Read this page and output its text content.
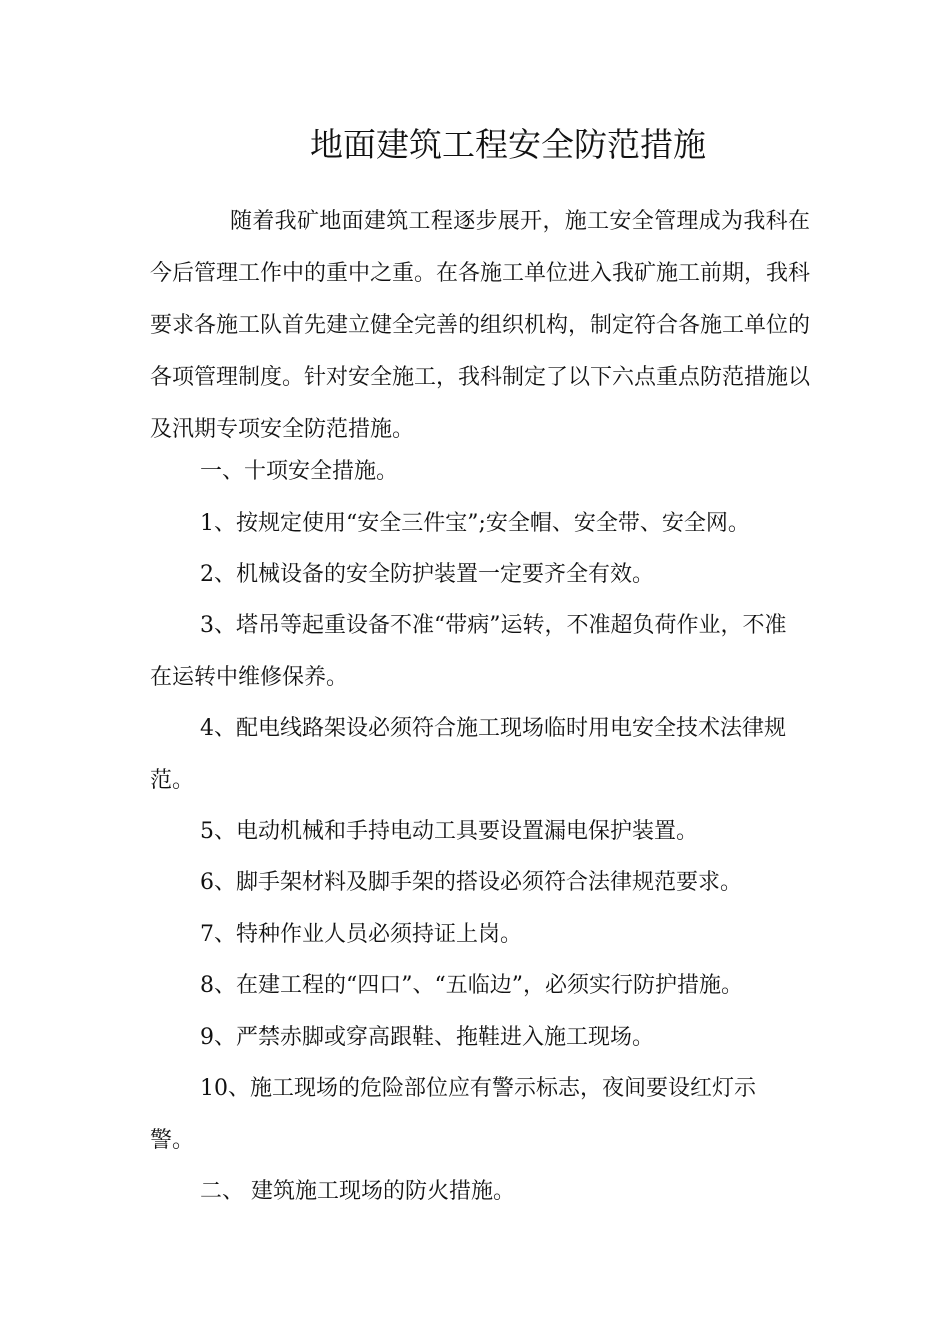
地面建筑工程安全防范措施

随着我矿地面建筑工程逐步展开，施工安全管理成为我科在今后管理工作中的重中之重。在各施工单位进入我矿施工前期，我科要求各施工队首先建立健全完善的组织机构，制定符合各施工单位的各项管理制度。针对安全施工，我科制定了以下六点重点防范措施以及汛期专项安全防范措施。

一、十项安全措施。

1、按规定使用“安全三件宝”;安全帽、安全带、安全网。

2、机械设备的安全防护装置一定要齐全有效。

3、塔吊等起重设备不准“带病”运转，不准超负荷作业，不准在运转中维修保养。

4、配电线路架设必须符合施工现场临时用电安全技术法律规范。

5、电动机械和手持电动工具要设置漏电保护装置。

6、脚手架材料及脚手架的搭设必须符合法律规范要求。

7、特种作业人员必须持证上岗。

8、在建工程的“四口”、“五临边”，必须实行防护措施。

9、严禁赤脚或穿高跟鞋、拖鞋进入施工现场。

10、施工现场的危险部位应有警示标志，夜间要设红灯示警。

二、 建筑施工现场的防火措施。
